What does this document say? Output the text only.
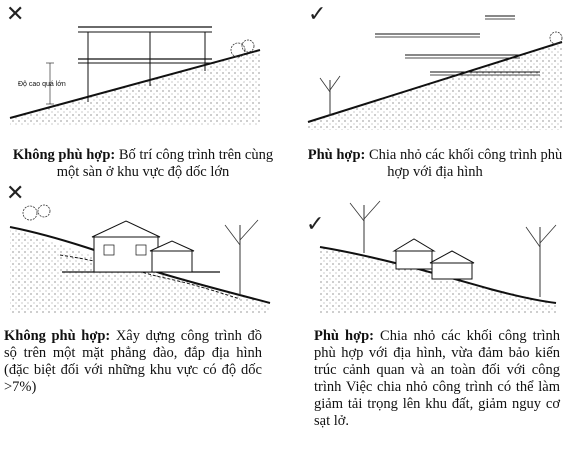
✕
Độ cao quá lớn
Không phù hợp: Bố trí công trình trên cùng một sàn ở khu vực độ dốc lớn
✓
Phù hợp: Chia nhỏ các khối công trình phù hợp với địa hình
✕
Không phù hợp: Xây dựng công trình đồ sộ trên một mặt phẳng đào, đắp địa hình (đặc biệt đối với những khu vực có độ dốc >7%)
✓
Phù hợp: Chia nhỏ các khối công trình phù hợp với địa hình, vừa đảm bảo kiến trúc cảnh quan và an toàn đối với công trình Việc chia nhỏ công trình có thể làm giảm tải trọng lên khu đất, giảm nguy cơ sạt lở.
